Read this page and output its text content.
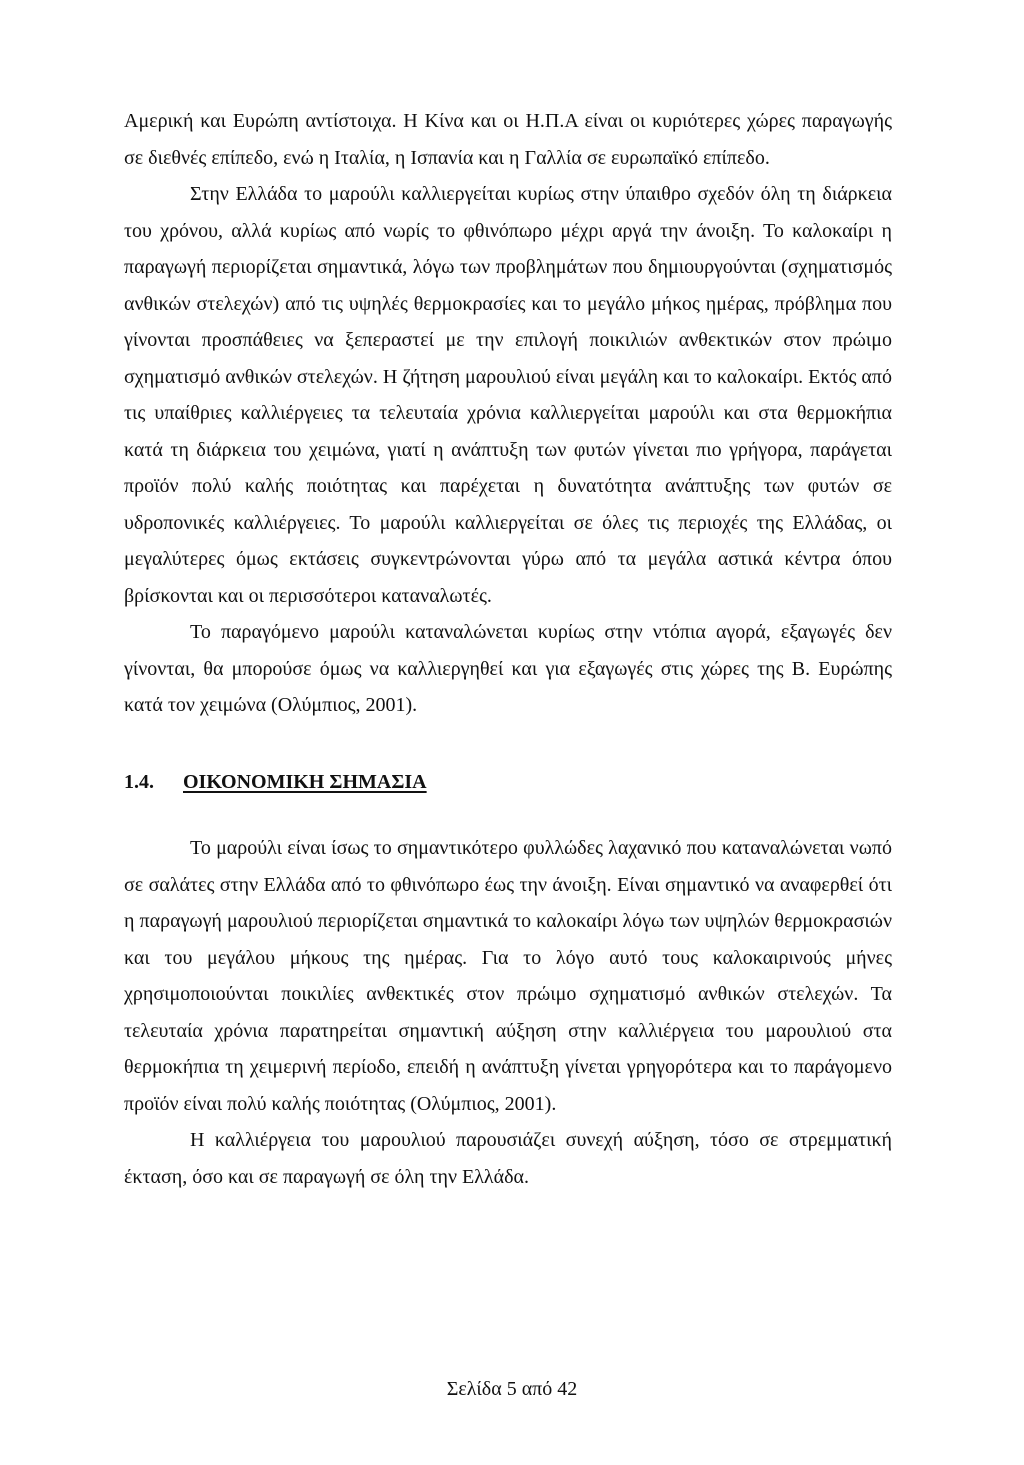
Αμερική και Ευρώπη αντίστοιχα. Η Κίνα και οι Η.Π.Α είναι οι κυριότερες χώρες παραγωγής σε διεθνές επίπεδο, ενώ η Ιταλία, η Ισπανία και η Γαλλία σε ευρωπαϊκό επίπεδο.

Στην Ελλάδα το μαρούλι καλλιεργείται κυρίως στην ύπαιθρο σχεδόν όλη τη διάρκεια του χρόνου, αλλά κυρίως από νωρίς το φθινόπωρο μέχρι αργά την άνοιξη. Το καλοκαίρι η παραγωγή περιορίζεται σημαντικά, λόγω των προβλημάτων που δημιουργούνται (σχηματισμός ανθικών στελεχών) από τις υψηλές θερμοκρασίες και το μεγάλο μήκος ημέρας, πρόβλημα που γίνονται προσπάθειες να ξεπεραστεί με την επιλογή ποικιλιών ανθεκτικών στον πρώιμο σχηματισμό ανθικών στελεχών. Η ζήτηση μαρουλιού είναι μεγάλη και το καλοκαίρι. Εκτός από τις υπαίθριες καλλιέργειες τα τελευταία χρόνια καλλιεργείται μαρούλι και στα θερμοκήπια κατά τη διάρκεια του χειμώνα, γιατί η ανάπτυξη των φυτών γίνεται πιο γρήγορα, παράγεται προϊόν πολύ καλής ποιότητας και παρέχεται η δυνατότητα ανάπτυξης των φυτών σε υδροπονικές καλλιέργειες. Το μαρούλι καλλιεργείται σε όλες τις περιοχές της Ελλάδας, οι μεγαλύτερες όμως εκτάσεις συγκεντρώνονται γύρω από τα μεγάλα αστικά κέντρα όπου βρίσκονται και οι περισσότεροι καταναλωτές.

Το παραγόμενο μαρούλι καταναλώνεται κυρίως στην ντόπια αγορά, εξαγωγές δεν γίνονται, θα μπορούσε όμως να καλλιεργηθεί και για εξαγωγές στις χώρες της Β. Ευρώπης κατά τον χειμώνα (Ολύμπιος, 2001).

1.4. ΟΙΚΟΝΟΜΙΚΗ ΣΗΜΑΣΙΑ

Το μαρούλι είναι ίσως το σημαντικότερο φυλλώδες λαχανικό που καταναλώνεται νωπό σε σαλάτες στην Ελλάδα από το φθινόπωρο έως την άνοιξη. Είναι σημαντικό να αναφερθεί ότι η παραγωγή μαρουλιού περιορίζεται σημαντικά το καλοκαίρι λόγω των υψηλών θερμοκρασιών και του μεγάλου μήκους της ημέρας. Για το λόγο αυτό τους καλοκαιρινούς μήνες χρησιμοποιούνται ποικιλίες ανθεκτικές στον πρώιμο σχηματισμό ανθικών στελεχών. Τα τελευταία χρόνια παρατηρείται σημαντική αύξηση στην καλλιέργεια του μαρουλιού στα θερμοκήπια τη χειμερινή περίοδο, επειδή η ανάπτυξη γίνεται γρηγορότερα και το παράγομενο προϊόν είναι πολύ καλής ποιότητας (Ολύμπιος, 2001).

Η καλλιέργεια του μαρουλιού παρουσιάζει συνεχή αύξηση, τόσο σε στρεμματική έκταση, όσο και σε παραγωγή σε όλη την Ελλάδα.

Σελίδα 5 από 42
